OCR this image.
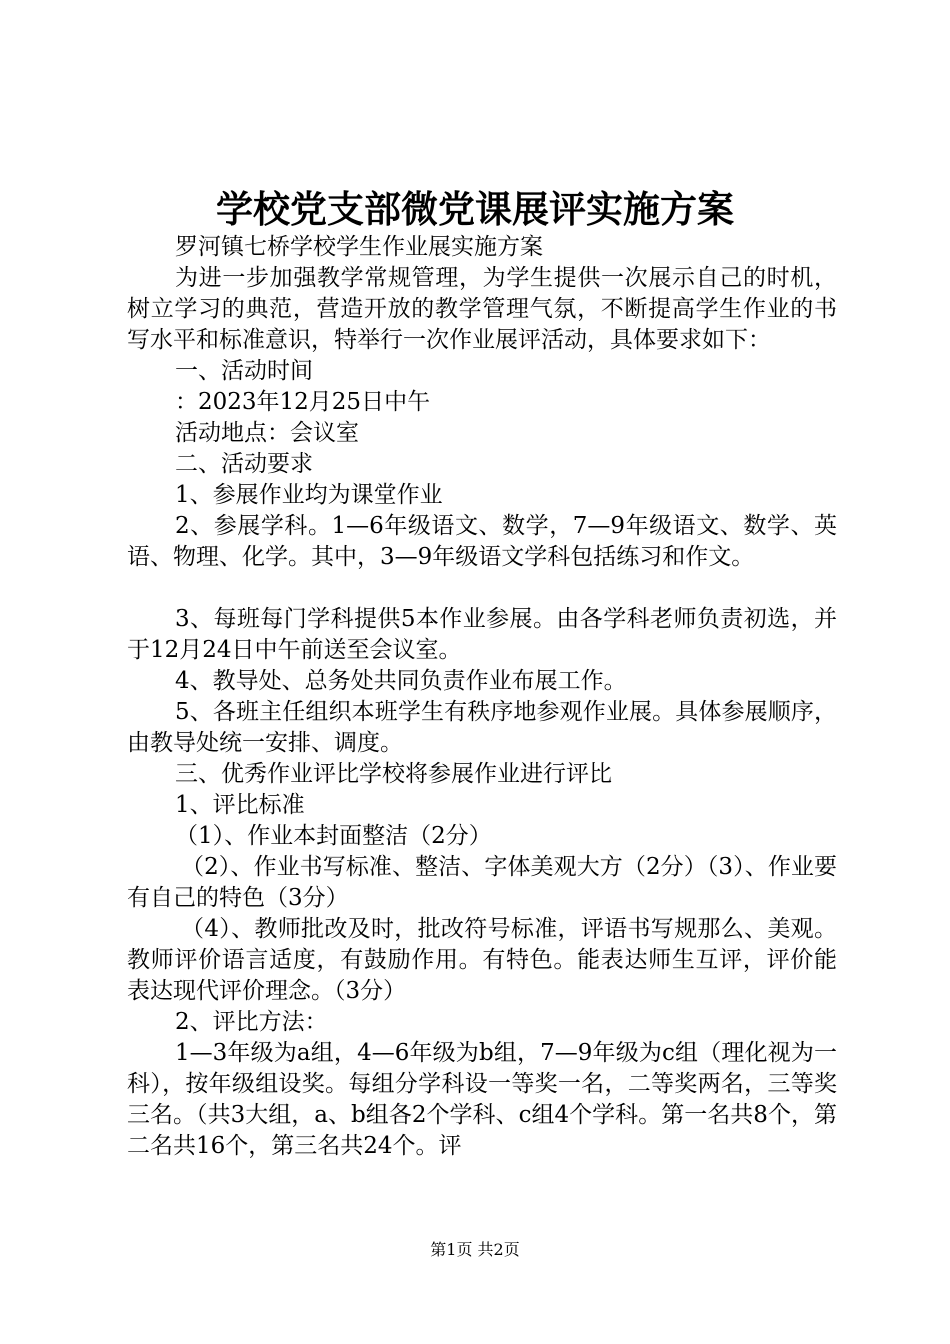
学校党支部微党课展评实施方案

罗河镇七桥学校学生作业展实施方案

为进一步加强教学常规管理，为学生提供一次展示自己的时机，树立学习的典范，营造开放的教学管理气氛，不断提高学生作业的书写水平和标准意识，特举行一次作业展评活动，具体要求如下：

一、活动时间

：2023年12月25日中午

活动地点：会议室

二、活动要求

1、参展作业均为课堂作业

2、参展学科。1—6年级语文、数学，7—9年级语文、数学、英语、物理、化学。其中，3—9年级语文学科包括练习和作文。

3、每班每门学科提供5本作业参展。由各学科老师负责初选，并于12月24日中午前送至会议室。

4、教导处、总务处共同负责作业布展工作。

5、各班主任组织本班学生有秩序地参观作业展。具体参展顺序，由教导处统一安排、调度。

三、优秀作业评比学校将参展作业进行评比

1、评比标准

（1）、作业本封面整洁（2分）

（2）、作业书写标准、整洁、字体美观大方（2分）（3）、作业要有自己的特色（3分）

（4）、教师批改及时，批改符号标准，评语书写规那么、美观。教师评价语言适度，有鼓励作用。有特色。能表达师生互评，评价能表达现代评价理念。（3分）

2、评比方法：

1—3年级为a组，4—6年级为b组，7—9年级为c组（理化视为一科），按年级组设奖。每组分学科设一等奖一名，二等奖两名，三等奖三名。（共3大组，a、b组各2个学科、c组4个学科。第一名共8个，第二名共16个，第三名共24个。评

第1页 共2页
